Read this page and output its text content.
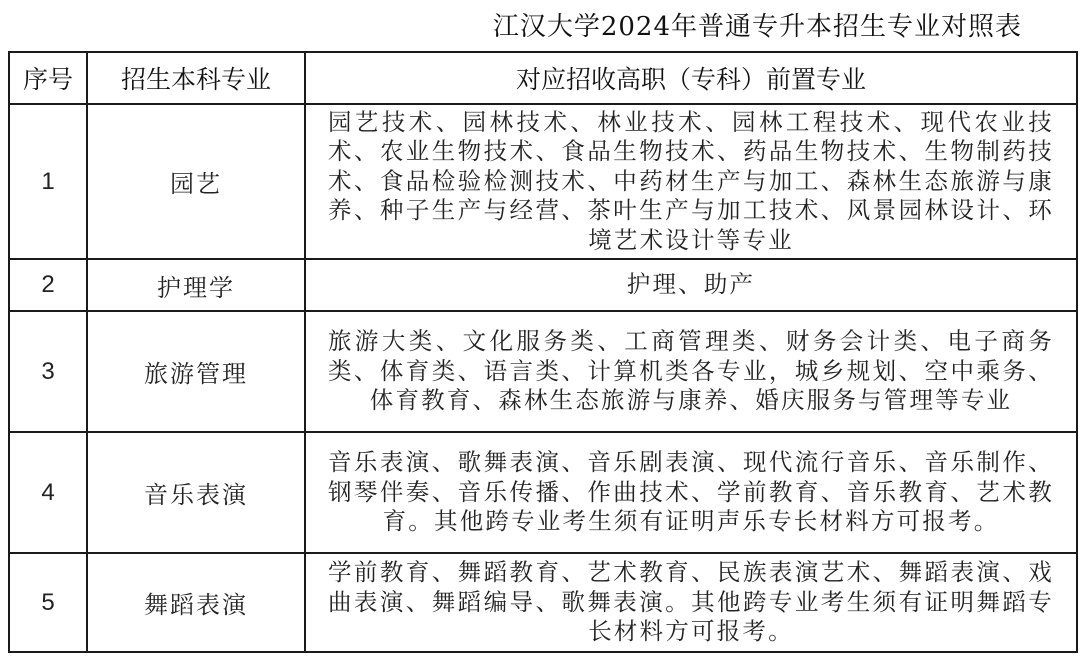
江汉大学2024年普通专升本招生专业对照表
序号	招生本科专业	对应招收高职（专科）前置专业
1	园艺	园艺技术、园林技术、林业技术、园林工程技术、现代农业技术、农业生物技术、食品生物技术、药品生物技术、生物制药技术、食品检验检测技术、中药材生产与加工、森林生态旅游与康养、种子生产与经营、茶叶生产与加工技术、风景园林设计、环境艺术设计等专业
2	护理学	护理、助产
3	旅游管理	旅游大类、文化服务类、工商管理类、财务会计类、电子商务类、体育类、语言类、计算机类各专业，城乡规划、空中乘务、体育教育、森林生态旅游与康养、婚庆服务与管理等专业
4	音乐表演	音乐表演、歌舞表演、音乐剧表演、现代流行音乐、音乐制作、钢琴伴奏、音乐传播、作曲技术、学前教育、音乐教育、艺术教育。其他跨专业考生须有证明声乐专长材料方可报考。
5	舞蹈表演	学前教育、舞蹈教育、艺术教育、民族表演艺术、舞蹈表演、戏曲表演、舞蹈编导、歌舞表演。其他跨专业考生须有证明舞蹈专长材料方可报考。
